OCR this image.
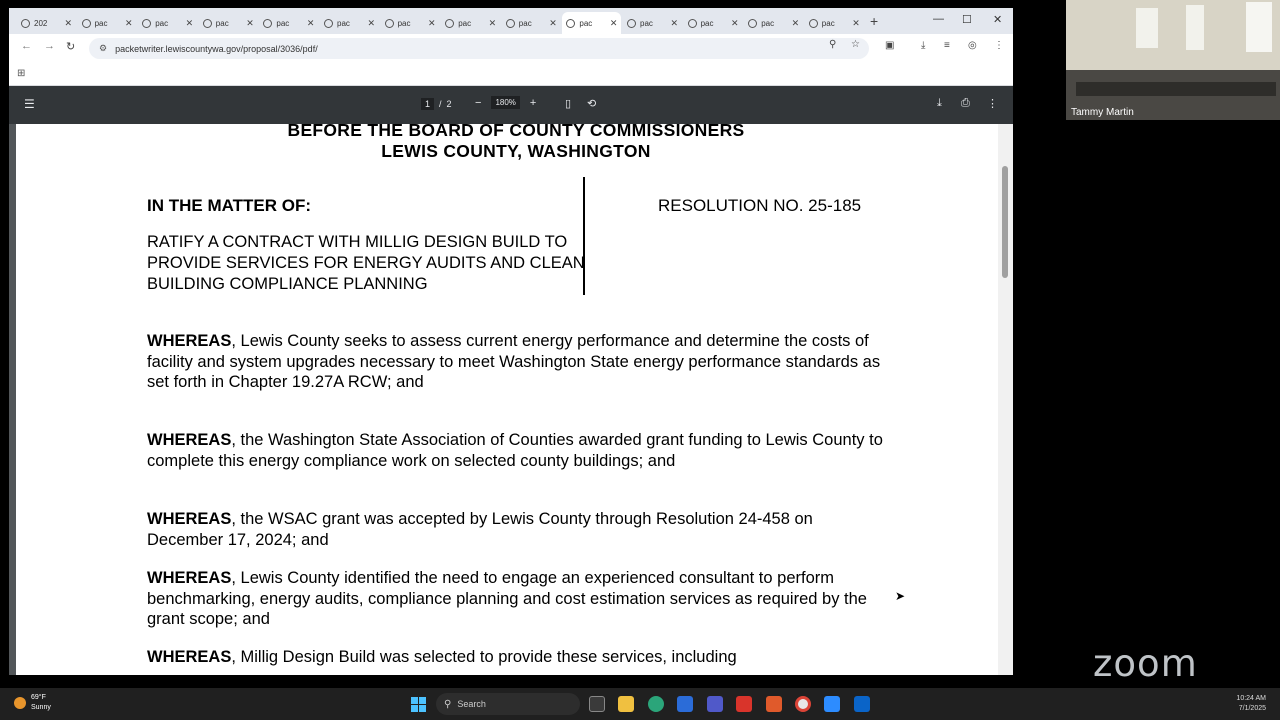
+	— ☐ ✕
202	✕	pac	✕	pac	✕	pac	✕	pac	✕	pac	✕	pac	✕	pac	✕	pac	✕	pac	✕	pac	✕	pac	✕	pac	✕	pac	✕
← → ↻	⚙ packetwriter.lewiscountywa.gov/proposal/3036/pdf/	⚲ ☆	▣	⤓ ≡ ◎ ⋮
⊞
☰	1	/ 2 −	180%	+	▯ ⟲	⤓ ⎙ ⋮
BEFORE THE BOARD OF COUNTY COMMISSIONERS
LEWIS COUNTY, WASHINGTON
IN THE MATTER OF:	RESOLUTION NO. 25-185
RATIFY A CONTRACT WITH MILLIG DESIGN BUILD TO PROVIDE SERVICES FOR ENERGY AUDITS AND CLEAN BUILDING COMPLIANCE PLANNING
WHEREAS, Lewis County seeks to assess current energy performance and determine the costs of facility and system upgrades necessary to meet Washington State energy performance standards as set forth in Chapter 19.27A RCW; and
WHEREAS, the Washington State Association of Counties awarded grant funding to Lewis County to complete this energy compliance work on selected county buildings; and
WHEREAS, the WSAC grant was accepted by Lewis County through Resolution 24-458 on December 17, 2024; and
WHEREAS, Lewis County identified the need to engage an experienced consultant to perform benchmarking, energy audits, compliance planning and cost estimation services as required by the grant scope; and
WHEREAS, Millig Design Build was selected to provide these services, including
➤
Tammy Martin
zoom
69°F
Sunny	⚲ Search
10:24 AM
7/1/2025
